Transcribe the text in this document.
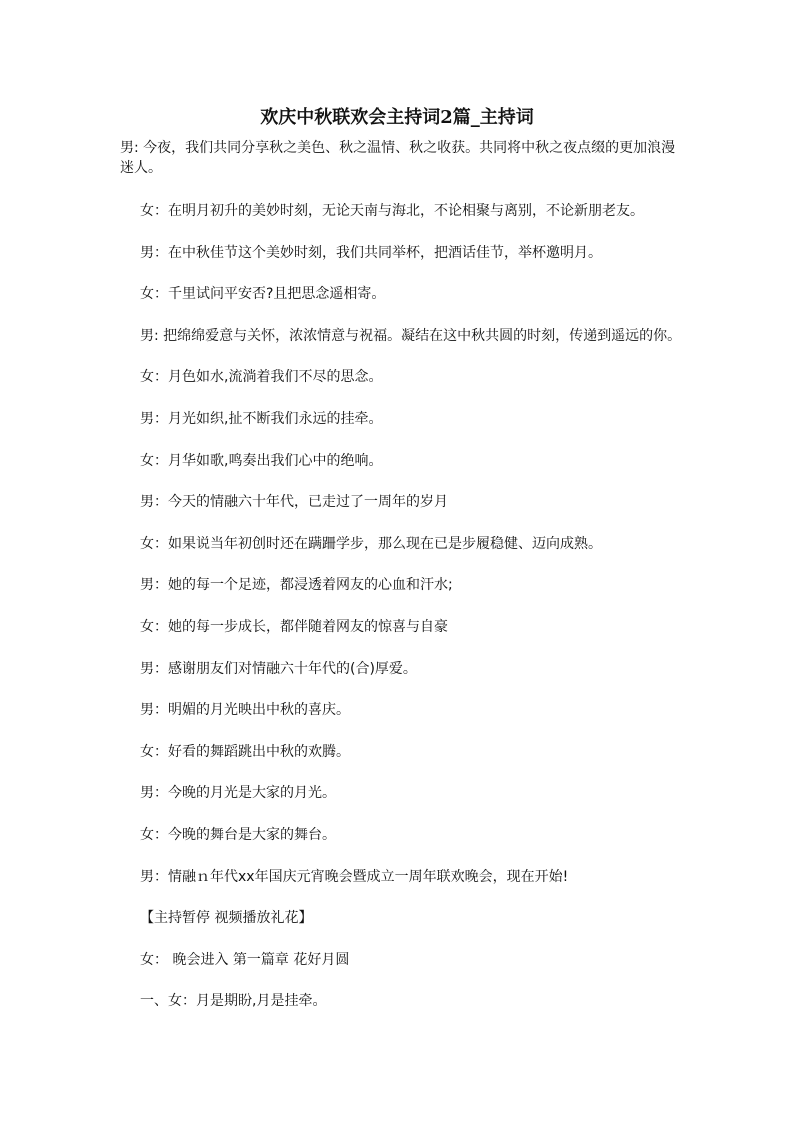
欢庆中秋联欢会主持词2篇_主持词
男: 今夜，我们共同分享秋之美色、秋之温情、秋之收获。共同将中秋之夜点缀的更加浪漫迷人。
女：在明月初升的美妙时刻，无论天南与海北，不论相聚与离别，不论新朋老友。
男：在中秋佳节这个美妙时刻，我们共同举杯，把酒话佳节，举杯邀明月。
女：千里试问平安否?且把思念遥相寄。
男: 把绵绵爱意与关怀，浓浓情意与祝福。凝结在这中秋共圆的时刻，传递到遥远的你。
女：月色如水,流淌着我们不尽的思念。
男：月光如织,扯不断我们永远的挂牵。
女：月华如歌,鸣奏出我们心中的绝响。
男：今天的情融六十年代，已走过了一周年的岁月
女：如果说当年初创时还在蹒跚学步，那么现在已是步履稳健、迈向成熟。
男：她的每一个足迹，都浸透着网友的心血和汗水;
女：她的每一步成长，都伴随着网友的惊喜与自豪
男：感谢朋友们对情融六十年代的(合)厚爱。
男：明媚的月光映出中秋的喜庆。
女：好看的舞蹈跳出中秋的欢腾。
男：今晚的月光是大家的月光。
女：今晚的舞台是大家的舞台。
男：情融ｎ年代xx年国庆元宵晚会暨成立一周年联欢晚会，现在开始!
【主持暂停 视频播放礼花】
女： 晚会进入 第一篇章 花好月圆
一、女：月是期盼,月是挂牵。
